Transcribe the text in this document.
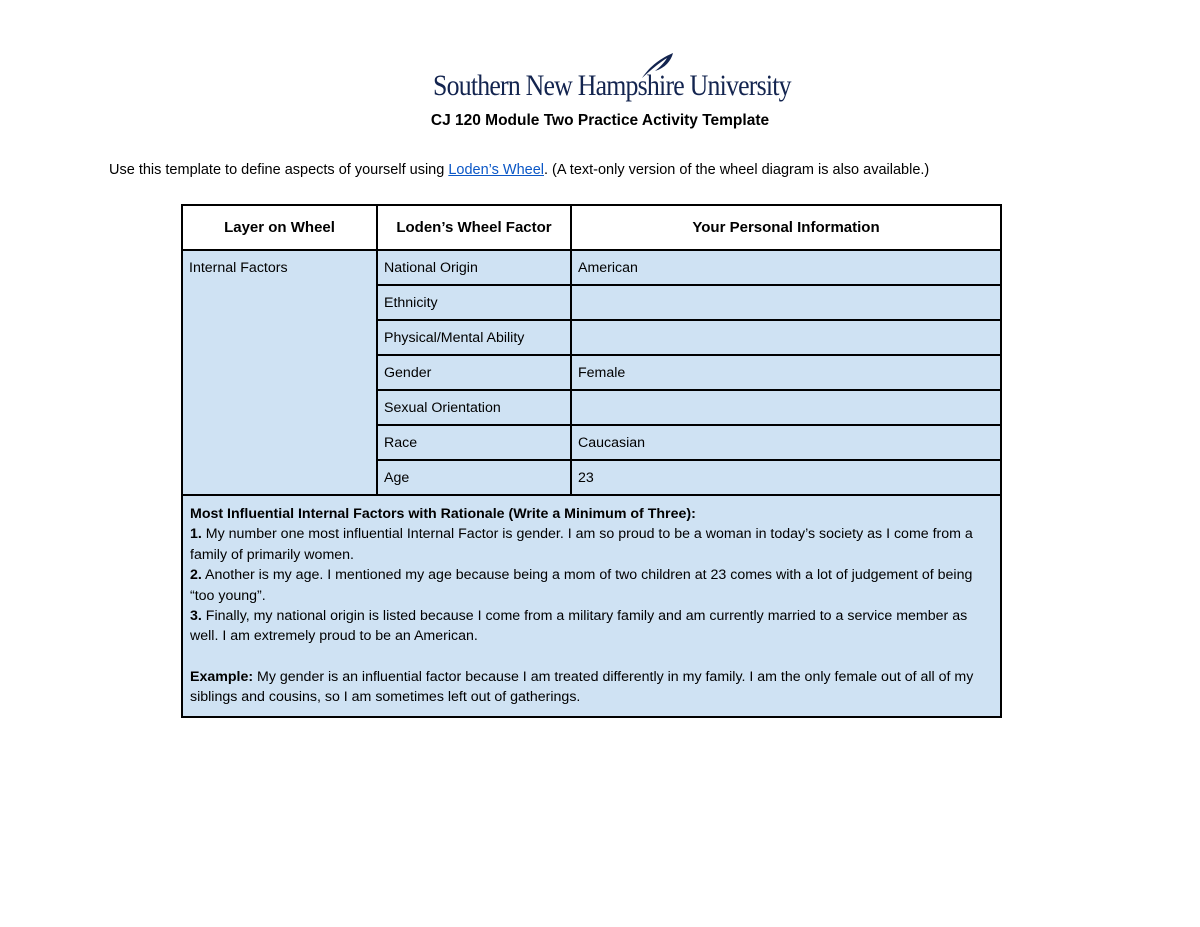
Southern New Hampshire University
CJ 120 Module Two Practice Activity Template
Use this template to define aspects of yourself using Loden’s Wheel. (A text-only version of the wheel diagram is also available.)
Layer on Wheel	Loden’s Wheel Factor	Your Personal Information
Internal Factors	National Origin	American
	Ethnicity	
	Physical/Mental Ability	
	Gender	Female
	Sexual Orientation	
	Race	Caucasian
	Age	23

Most Influential Internal Factors with Rationale (Write a Minimum of Three):
1. My number one most influential Internal Factor is gender. I am so proud to be a woman in today’s society as I come from a family of primarily women.
2. Another is my age. I mentioned my age because being a mom of two children at 23 comes with a lot of judgement of being “too young”.
3. Finally, my national origin is listed because I come from a military family and am currently married to a service member as well. I am extremely proud to be an American.
Example: My gender is an influential factor because I am treated differently in my family. I am the only female out of all of my siblings and cousins, so I am sometimes left out of gatherings.		
